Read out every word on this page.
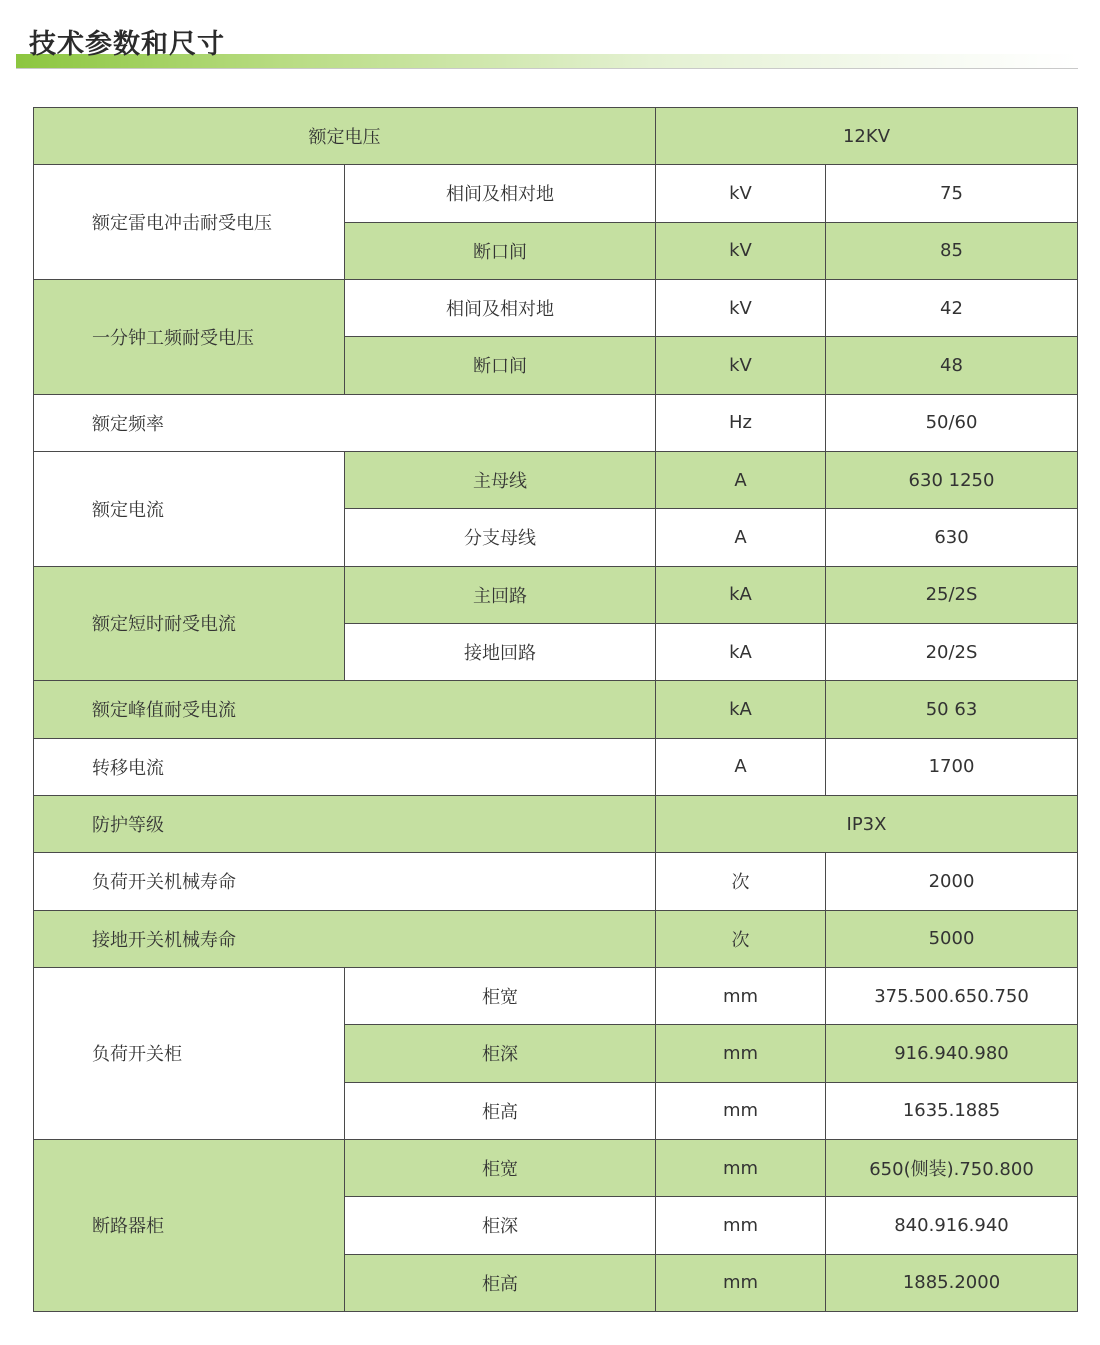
技术参数和尺寸
额定电压		12KV	
额定雷电冲击耐受电压	相间及相对地	kV	75
	断口间	kV	85
一分钟工频耐受电压	相间及相对地	kV	42
	断口间	kV	48
额定频率		Hz	50/60
额定电流	主母线	A	630 1250
	分支母线	A	630
额定短时耐受电流	主回路	kA	25/2S
	接地回路	kA	20/2S
额定峰值耐受电流		kA	50 63
转移电流		A	1700
防护等级		IP3X	
负荷开关机械寿命		次	2000
接地开关机械寿命		次	5000
负荷开关柜	柜宽	mm	375.500.650.750
	柜深	mm	916.940.980
	柜高	mm	1635.1885
断路器柜	柜宽	mm	650(侧装).750.800
	柜深	mm	840.916.940
	柜高	mm	1885.2000
